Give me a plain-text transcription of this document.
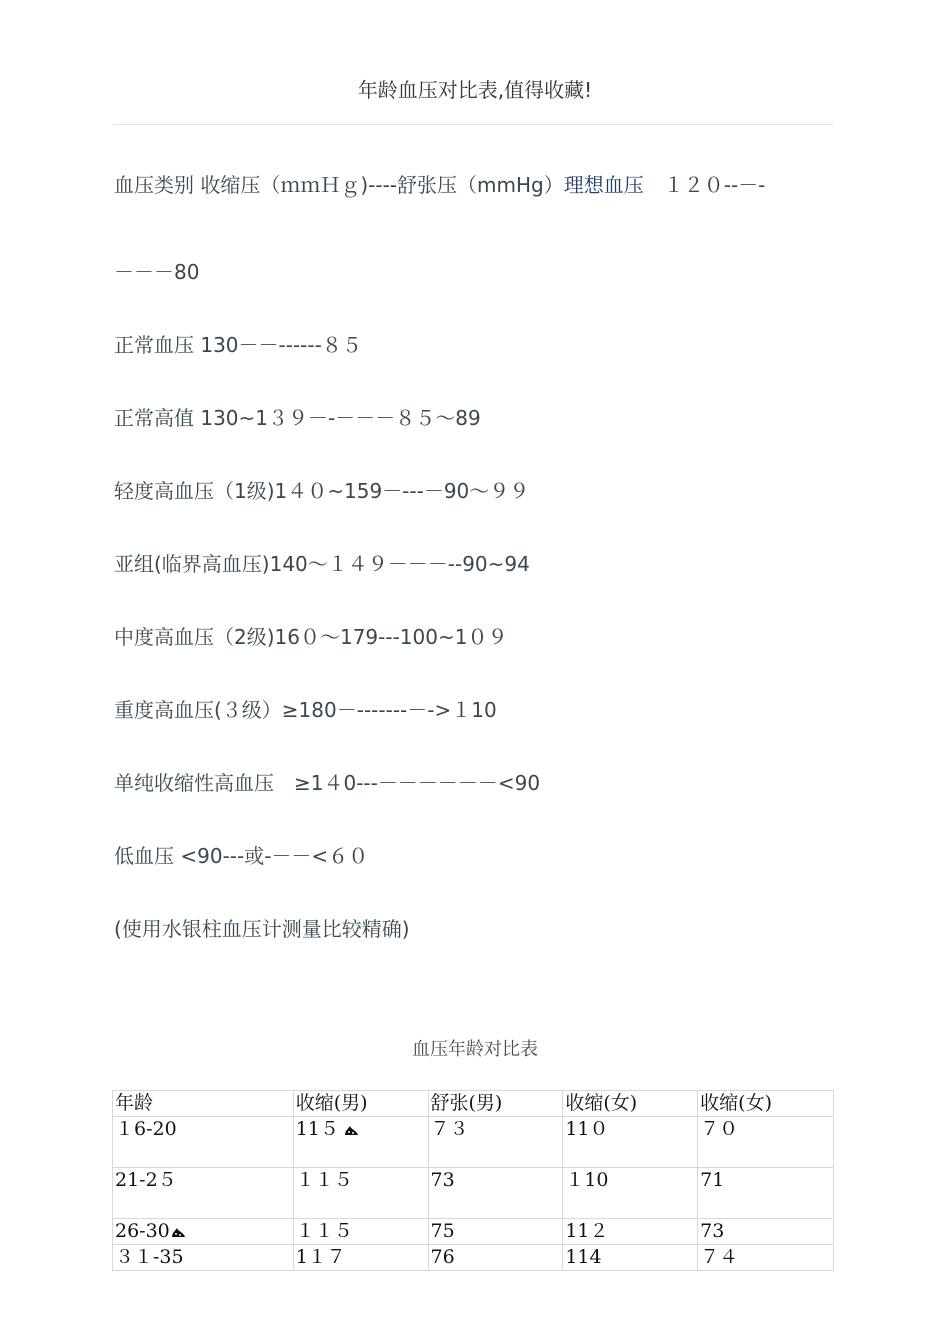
年龄血压对比表,值得收藏!
血压类别 收缩压（ｍｍＨｇ)----舒张压（mmHg）理想血压　１２０--－-
－－－80
正常血压 130－－------８５
正常高值 130~1３９－-－－－８５～89
轻度高血压（1级)1４０~159－---－90～９９
亚组(临界高血压)140～１４９－－－--90~94
中度高血压（2级)16０～179---100~1０９
重度高血压(３级）≥180－-------－->１10
单纯收缩性高血压　≥1４0---－－－－－－<90
低血压 <90---或-－－<６０
(使用水银柱血压计测量比较精确)
血压年龄对比表
年龄	收缩(男)	舒张(男)	收缩(女)	收缩(女)
１6-20	11５	７３	11０	７０
21-2５	１１５	73	１10	71
26-30	１１５	75	11２	73
３１-35	1１７	76	114	７４
